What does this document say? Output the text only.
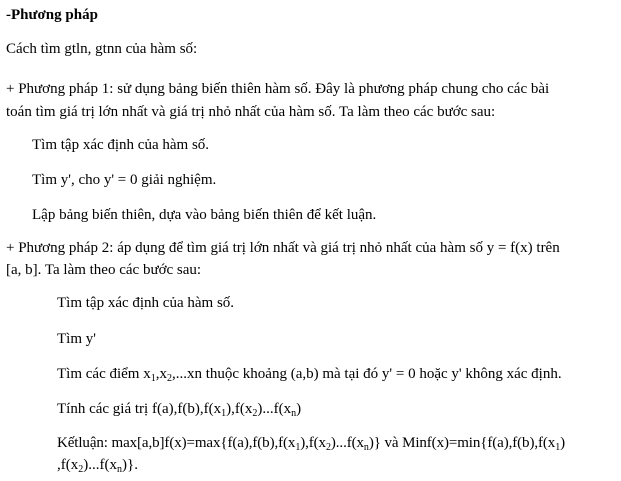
-Phương pháp
Cách tìm gtln, gtnn của hàm số:
+ Phương pháp 1: sử dụng bảng biến thiên hàm số. Đây là phương pháp chung cho các bài
toán tìm giá trị lớn nhất và giá trị nhỏ nhất của hàm số. Ta làm theo các bước sau:
Tìm tập xác định của hàm số.
Tìm y', cho y' = 0 giải nghiệm.
Lập bảng biến thiên, dựa vào bảng biến thiên để kết luận.
+ Phương pháp 2: áp dụng để tìm giá trị lớn nhất và giá trị nhỏ nhất của hàm số y = f(x) trên
[a, b]. Ta làm theo các bước sau:
Tìm tập xác định của hàm số.
Tìm y'
Tìm các điểm $x_1,x_2,...xn$ thuộc khoảng (a,b) mà tại đó y' = 0 hoặc y' không xác định.
Tính các giá trị $f(a),f(b),f(x_1),f(x_2)...f(x_n)$
Kếtluận: $\max[a,b]f(x)=\max\{f(a),f(b),f(x_1),f(x_2)...f(x_n)\}$ và $Minf(x)=\min\{f(a),f(b),f(x_1)$
$,f(x_2)...f(x_n)$}.
